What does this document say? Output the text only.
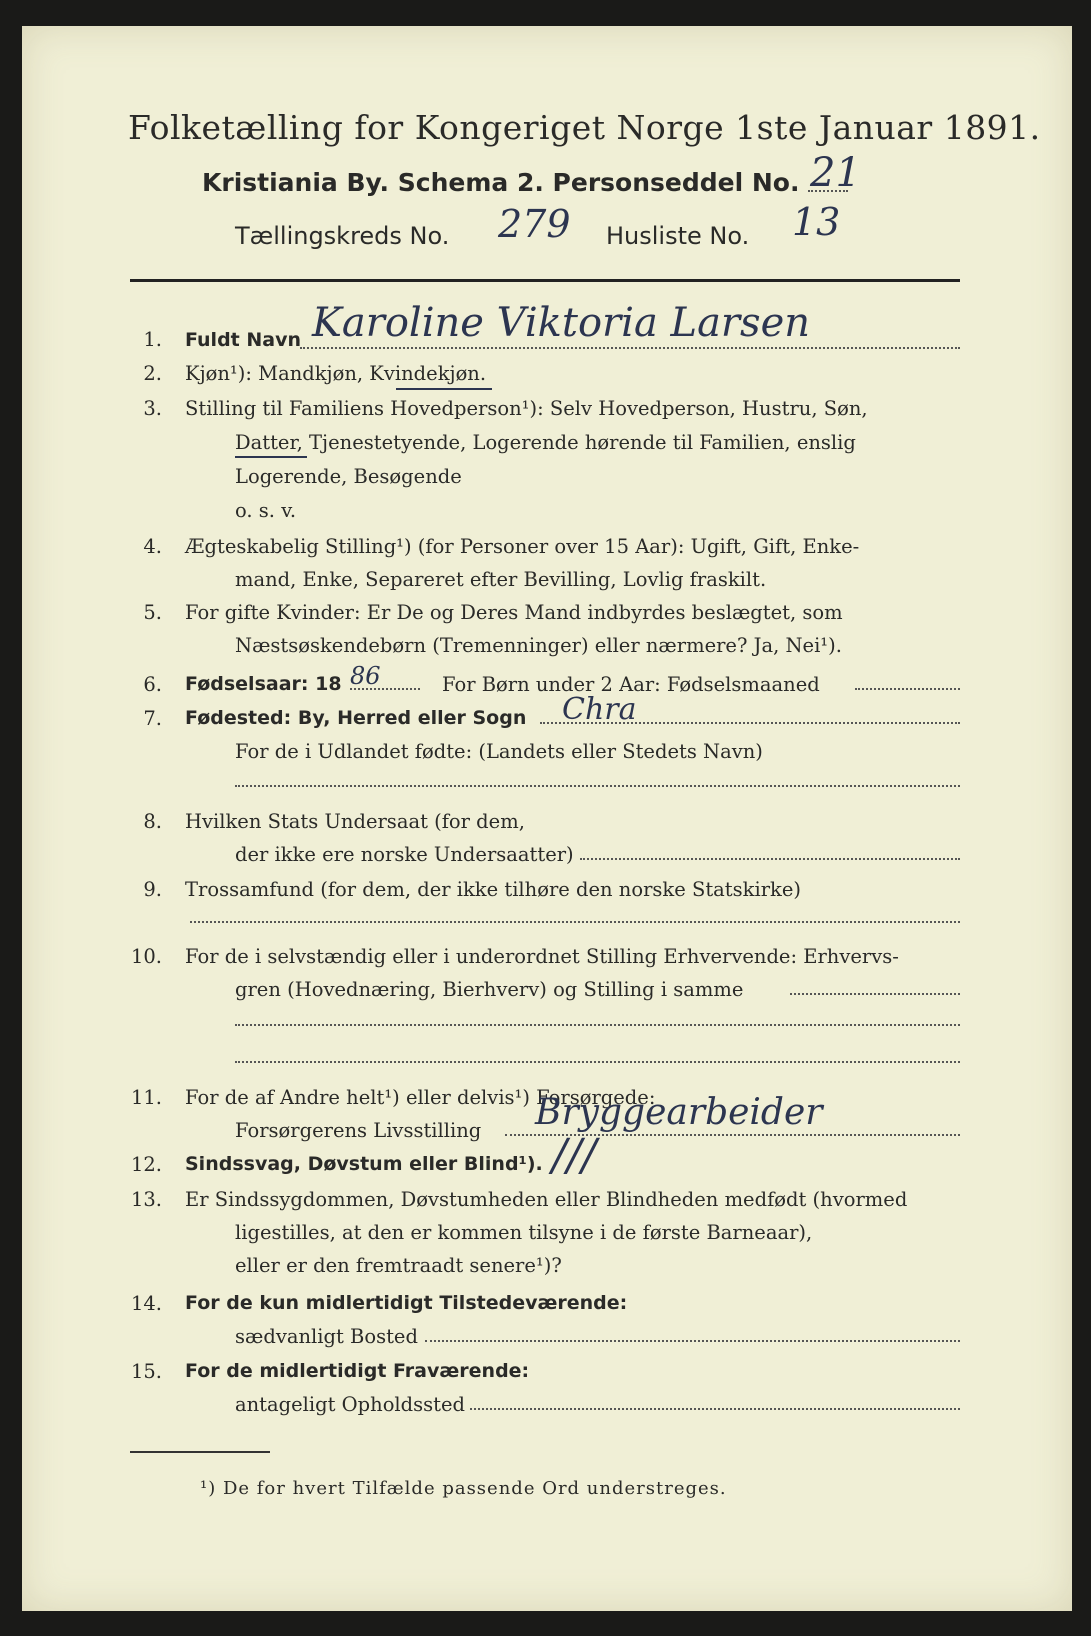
Folketælling for Kongeriget Norge 1ste Januar 1891.
Kristiania By. Schema 2. Personseddel No. 21
Tællingskreds No. 279 Husliste No. 13
1. Fuldt Navn Karoline Viktoria Larsen
2. Kjøn¹): Mandkjøn, Kvindekjøn.
3. Stilling til Familiens Hovedperson¹): Selv Hovedperson, Hustru, Søn,
Datter, Tjenestetyende, Logerende hørende til Familien, enslig
Logerende, Besøgende
o. s. v.
4. Ægteskabelig Stilling¹) (for Personer over 15 Aar): Ugift, Gift, Enke-
mand, Enke, Separeret efter Bevilling, Lovlig fraskilt.
5. For gifte Kvinder: Er De og Deres Mand indbyrdes beslægtet, som
Næstsøskendebørn (Tremenninger) eller nærmere? Ja, Nei¹).
6. Fødselsaar: 18 86	For Børn under 2 Aar: Fødselsmaaned
7. Fødested: By, Herred eller Sogn Chra
For de i Udlandet fødte: (Landets eller Stedets Navn)
8. Hvilken Stats Undersaat (for dem,
der ikke ere norske Undersaatter)
9. Trossamfund (for dem, der ikke tilhøre den norske Statskirke)
10. For de i selvstændig eller i underordnet Stilling Erhvervende: Erhvervs-
gren (Hovednæring, Bierhverv) og Stilling i samme
11. For de af Andre helt¹) eller delvis¹) Forsørgede:
Forsørgerens Livsstilling Bryggearbeider
12. Sindssvag, Døvstum eller Blind¹). ///
13. Er Sindssygdommen, Døvstumheden eller Blindheden medfødt (hvormed
ligestilles, at den er kommen tilsyne i de første Barneaar),
eller er den fremtraadt senere¹)?
14. For de kun midlertidigt Tilstedeværende:
sædvanligt Bosted
15. For de midlertidigt Fraværende:
antageligt Opholdssted
¹) De for hvert Tilfælde passende Ord understreges.
